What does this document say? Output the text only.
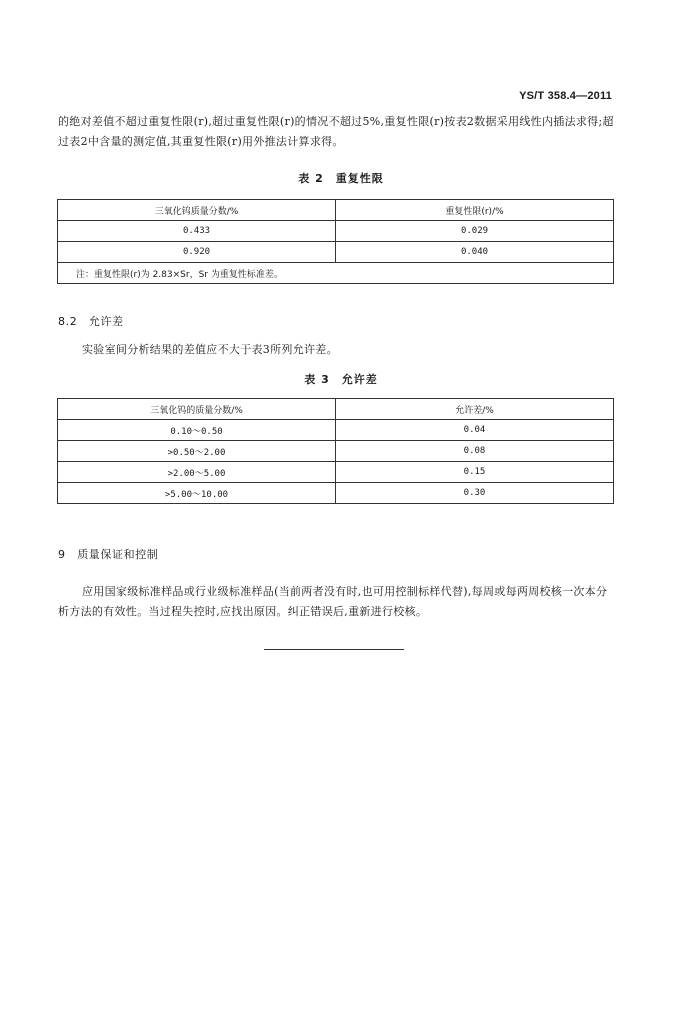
YS/T 358.4—2011

的绝对差值不超过重复性限(r),超过重复性限(r)的情况不超过5%,重复性限(r)按表2数据采用线性内插法求得;超过表2中含量的测定值,其重复性限(r)用外推法计算求得。

表 2　重复性限
三氧化钨质量分数/%	重复性限(r)/%
0.433	0.029
0.920	0.040
注：重复性限(r)为 2.83×Sr，Sr 为重复性标准差。	
8.2　允许差

实验室间分析结果的差值应不大于表3所列允许差。

表 3　允许差
三氧化钨的质量分数/%	允许差/%
0.10～0.50	0.04
>0.50～2.00	0.08
>2.00～5.00	0.15
>5.00～10.00	0.30
9　质量保证和控制

应用国家级标准样品或行业级标准样品(当前两者没有时,也可用控制标样代替),每周或每两周校核一次本分析方法的有效性。当过程失控时,应找出原因。纠正错误后,重新进行校核。
